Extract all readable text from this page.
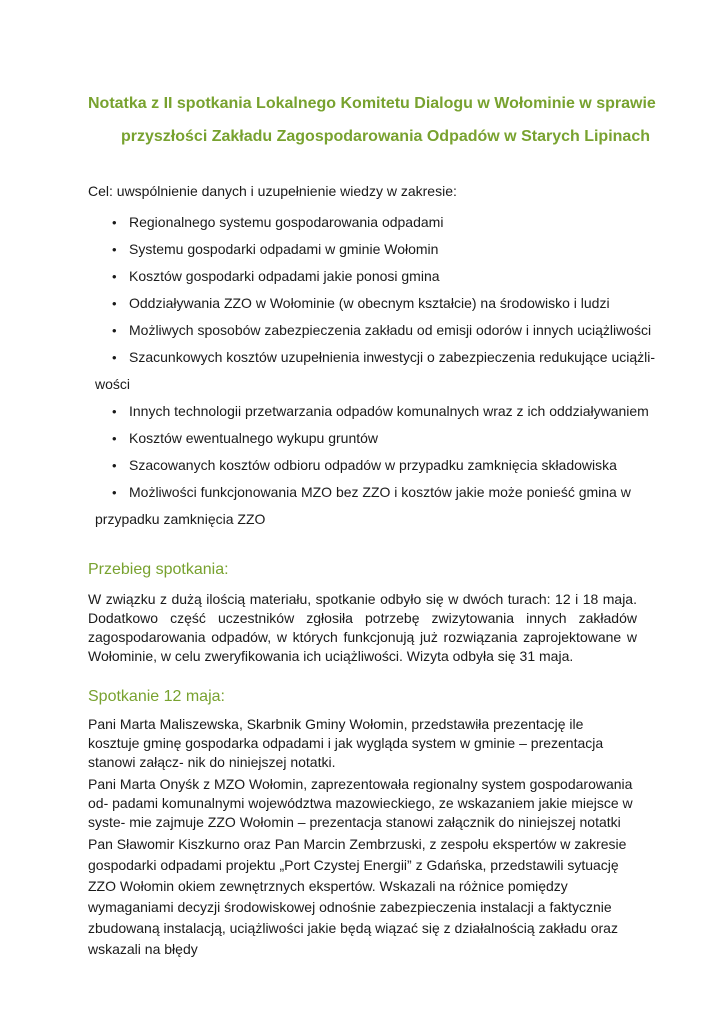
Notatka z II spotkania Lokalnego Komitetu Dialogu w Wołominie w sprawie
przyszłości Zakładu Zagospodarowania Odpadów w Starych Lipinach
Cel: uwspólnienie danych i uzupełnienie wiedzy w zakresie:
• Regionalnego systemu gospodarowania odpadami
• Systemu gospodarki odpadami w gminie Wołomin
• Kosztów gospodarki odpadami jakie ponosi gmina
• Oddziaływania ZZO w Wołominie (w obecnym kształcie) na środowisko i ludzi
• Możliwych sposobów zabezpieczenia zakładu od emisji odorów i innych uciążliwości
• Szacunkowych kosztów uzupełnienia inwestycji o zabezpieczenia redukujące uciążli-
wości
• Innych technologii przetwarzania odpadów komunalnych wraz z ich oddziaływaniem
• Kosztów ewentualnego wykupu gruntów
• Szacowanych kosztów odbioru odpadów w przypadku zamknięcia składowiska
• Możliwości funkcjonowania MZO bez ZZO i kosztów jakie może ponieść gmina w
przypadku zamknięcia ZZO
Przebieg spotkania:
W związku z dużą ilością materiału, spotkanie odbyło się w dwóch turach: 12 i 18 maja. Dodatkowo część uczestników zgłosiła potrzebę zwizytowania innych zakładów zagospodarowania odpadów, w których funkcjonują już rozwiązania zaprojektowane w Wołominie, w celu zweryfikowania ich uciążliwości. Wizyta odbyła się 31 maja.
Spotkanie 12 maja:
Pani Marta Maliszewska, Skarbnik Gminy Wołomin, przedstawiła prezentację ile kosztuje gminę gospodarka odpadami i jak wygląda system w gminie – prezentacja stanowi załącz- nik do niniejszej notatki.
Pani Marta Onyśk z MZO Wołomin, zaprezentowała regionalny system gospodarowania od- padami komunalnymi województwa mazowieckiego, ze wskazaniem jakie miejsce w syste- mie zajmuje ZZO Wołomin – prezentacja stanowi załącznik do niniejszej notatki
Pan Sławomir Kiszkurno oraz Pan Marcin Zembrzuski, z zespołu ekspertów w zakresie gospodarki odpadami projektu „Port Czystej Energii” z Gdańska, przedstawili sytuację ZZO Wołomin okiem zewnętrznych ekspertów. Wskazali na różnice pomiędzy wymaganiami decyzji środowiskowej odnośnie zabezpieczenia instalacji a faktycznie zbudowaną instalacją, uciążliwości jakie będą wiązać się z działalnością zakładu oraz wskazali na błędy
